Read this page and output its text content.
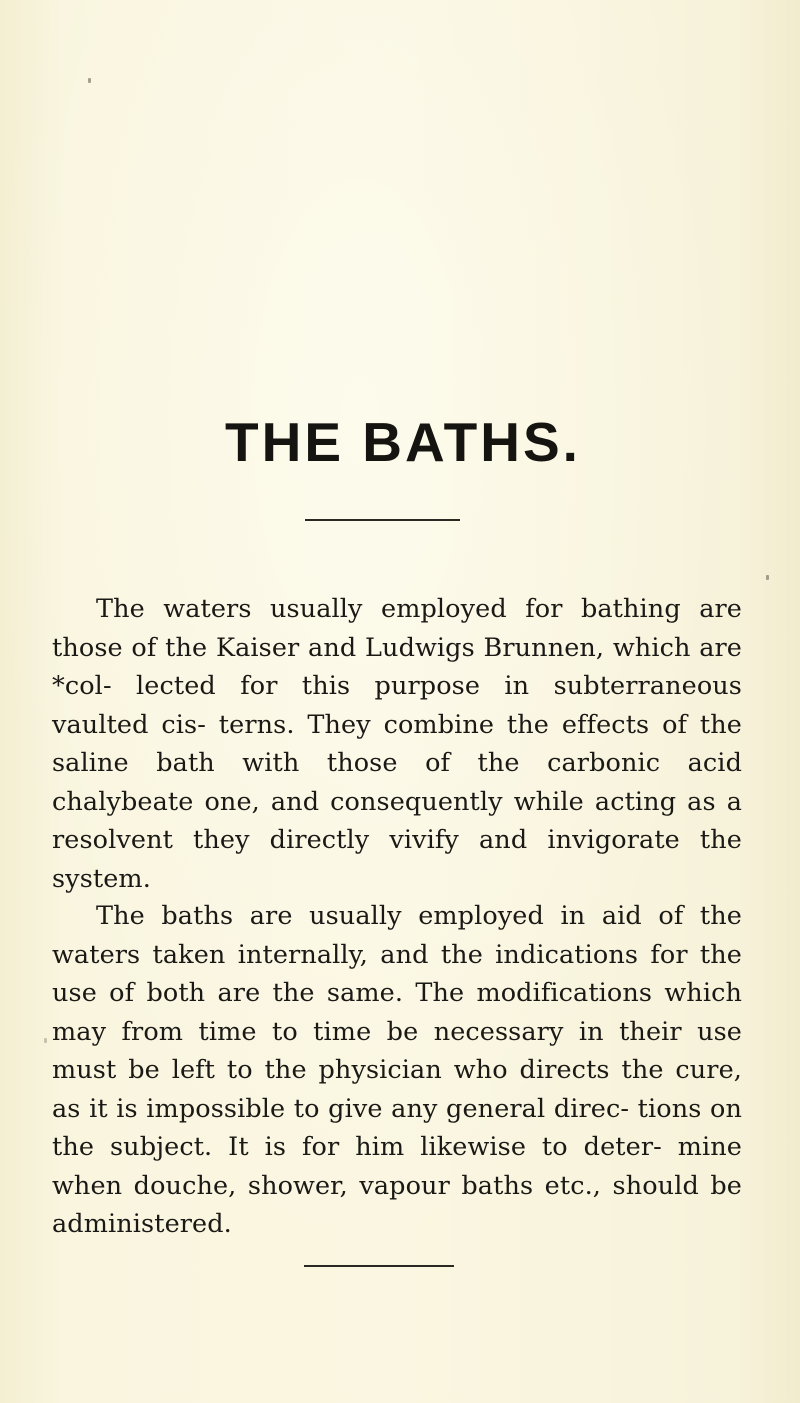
THE BATHS.

The waters usually employed for bathing are those of the Kaiser and Ludwigs Brunnen, which are *col- lected for this purpose in subterraneous vaulted cis- terns. They combine the effects of the saline bath with those of the carbonic acid chalybeate one, and consequently while acting as a resolvent they directly vivify and invigorate the system.

The baths are usually employed in aid of the waters taken internally, and the indications for the use of both are the same. The modifications which may from time to time be necessary in their use must be left to the physician who directs the cure, as it is impossible to give any general direc- tions on the subject. It is for him likewise to deter- mine when douche, shower, vapour baths etc., should be administered.
